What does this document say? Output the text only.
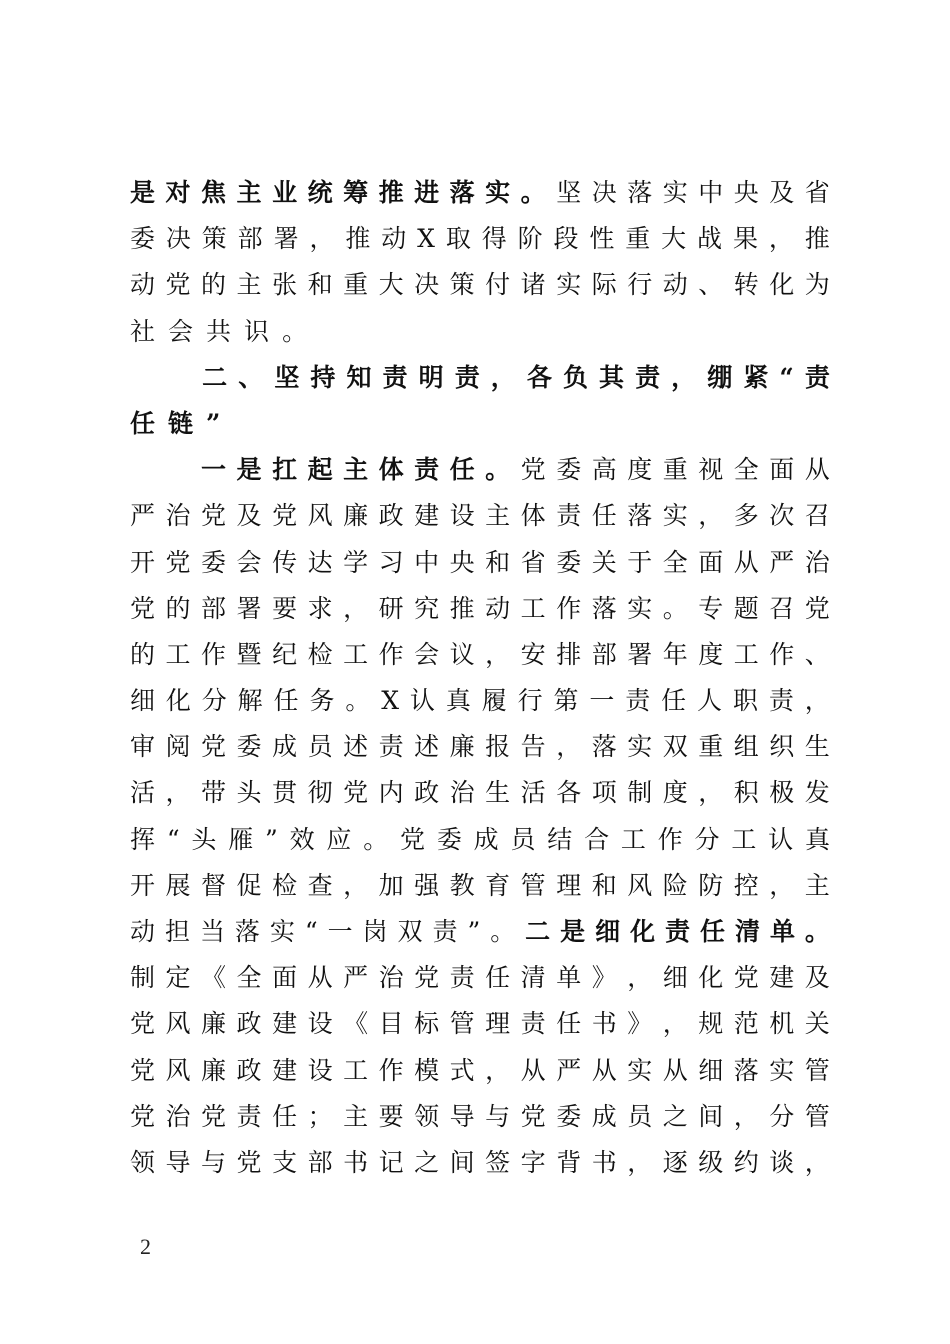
是 对 焦 主 业 统 筹 推 进 落 实 。 坚 决 落 实 中 央 及 省
委 决 策 部 署 ， 推 动 X 取 得 阶 段 性 重 大 战 果 ， 推
动 党 的 主 张 和 重 大 决 策 付 诸 实 际 行 动 、 转 化 为
社 会 共 识 。

二 、 坚 持 知 责 明 责 ， 各 负 其 责 ， 绷 紧 “ 责
任 链 ”

一 是 扛 起 主 体 责 任 。 党 委 高 度 重 视 全 面 从
严 治 党 及 党 风 廉 政 建 设 主 体 责 任 落 实 ， 多 次 召
开 党 委 会 传 达 学 习 中 央 和 省 委 关 于 全 面 从 严 治
党 的 部 署 要 求 ， 研 究 推 动 工 作 落 实 。 专 题 召 党
的 工 作 暨 纪 检 工 作 会 议 ， 安 排 部 署 年 度 工 作 、
细 化 分 解 任 务 。 X 认 真 履 行 第 一 责 任 人 职 责 ，
审 阅 党 委 成 员 述 责 述 廉 报 告 ， 落 实 双 重 组 织 生
活 ， 带 头 贯 彻 党 内 政 治 生 活 各 项 制 度 ， 积 极 发
挥 “ 头 雁 ” 效 应 。 党 委 成 员 结 合 工 作 分 工 认 真
开 展 督 促 检 查 ， 加 强 教 育 管 理 和 风 险 防 控 ， 主
动 担 当 落 实 “ 一 岗 双 责 ” 。 二 是 细 化 责 任 清 单 。
制 定 《 全 面 从 严 治 党 责 任 清 单 》 ， 细 化 党 建 及
党 风 廉 政 建 设 《 目 标 管 理 责 任 书 》 ， 规 范 机 关
党 风 廉 政 建 设 工 作 模 式 ， 从 严 从 实 从 细 落 实 管
党 治 党 责 任 ； 主 要 领 导 与 党 委 成 员 之 间 ， 分 管
领 导 与 党 支 部 书 记 之 间 签 字 背 书 ， 逐 级 约 谈 ，
2
